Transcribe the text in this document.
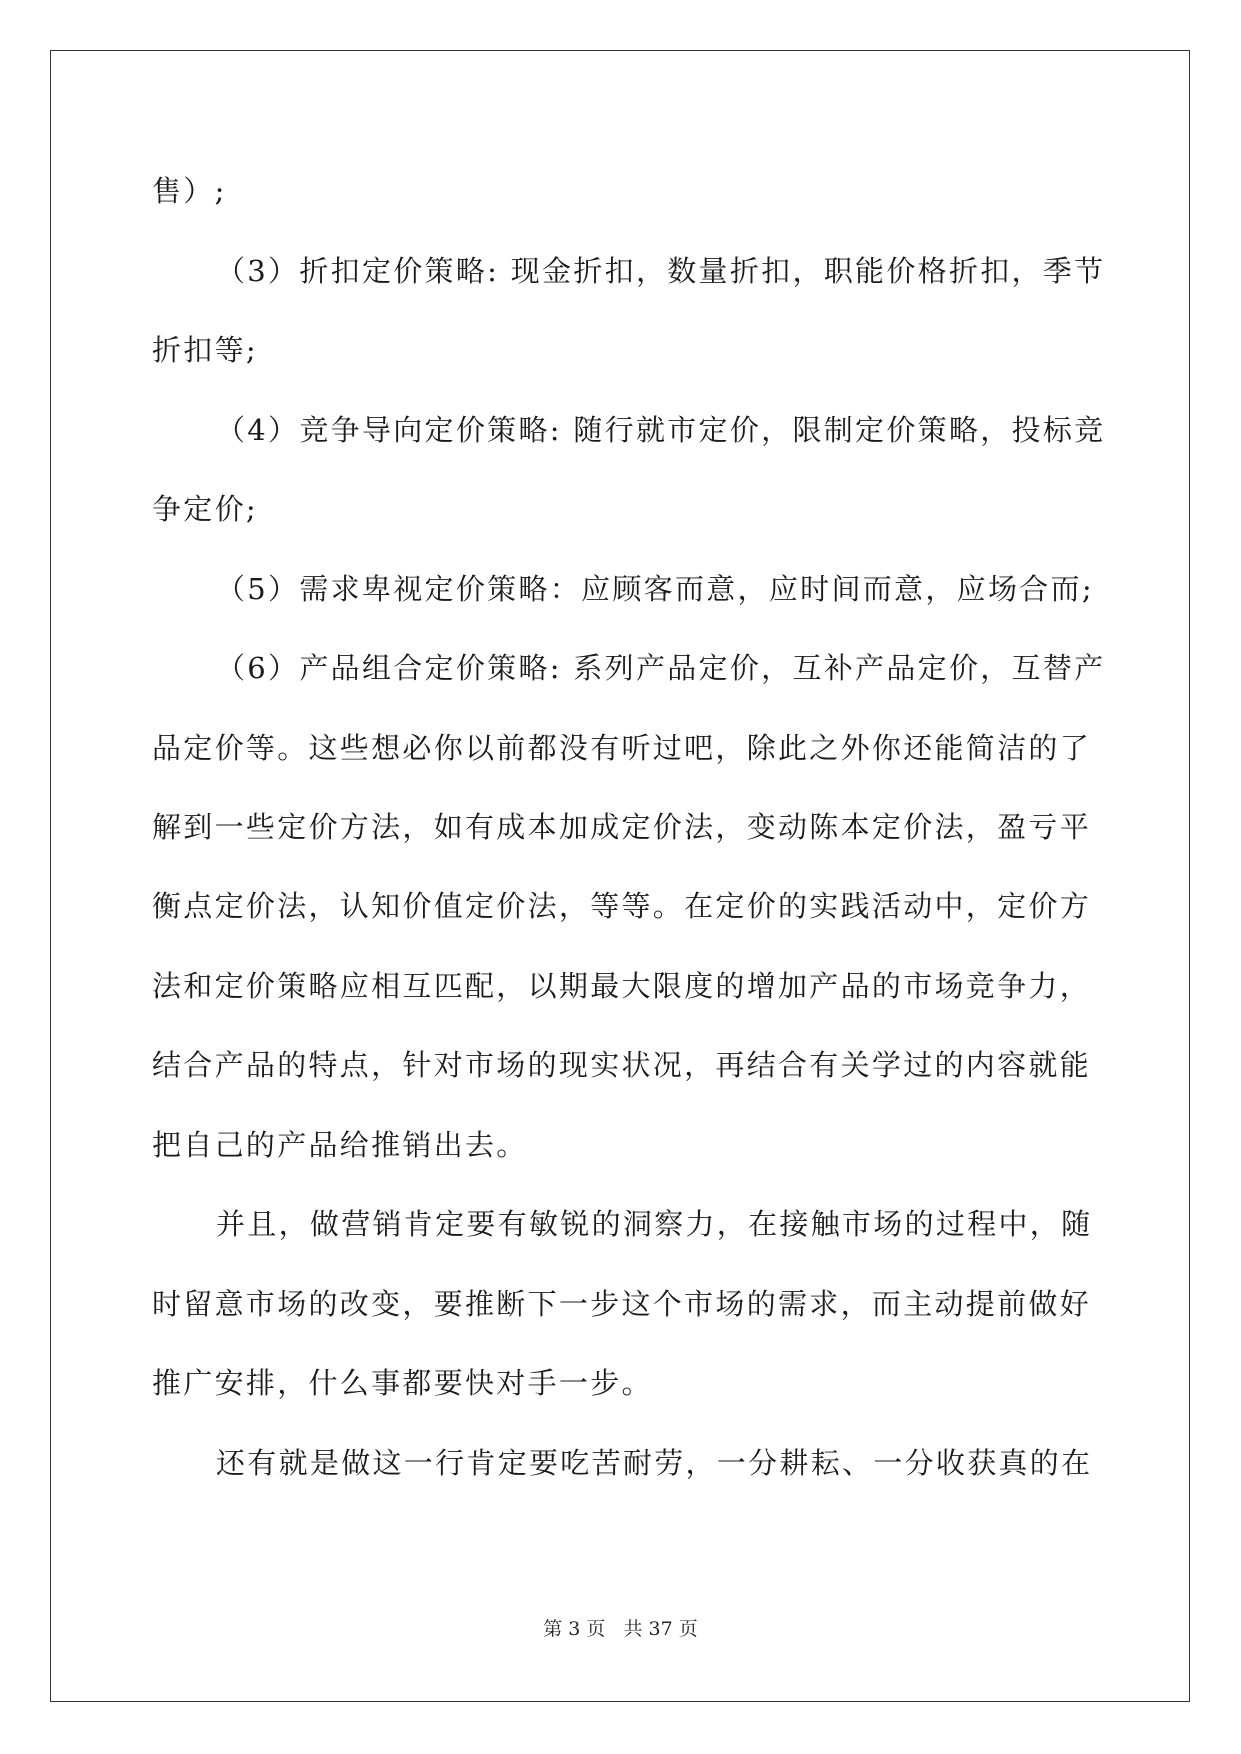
售）;
（3）折扣定价策略: 现金折扣，数量折扣，职能价格折扣，季节
折扣等;
（4）竞争导向定价策略: 随行就市定价，限制定价策略，投标竞
争定价;
（5）需求卑视定价策略：应顾客而意，应时间而意，应场合而;
（6）产品组合定价策略: 系列产品定价，互补产品定价，互替产
品定价等。这些想必你以前都没有听过吧，除此之外你还能简洁的了
解到一些定价方法，如有成本加成定价法，变动陈本定价法，盈亏平
衡点定价法，认知价值定价法，等等。在定价的实践活动中，定价方
法和定价策略应相互匹配，以期最大限度的增加产品的市场竞争力，
结合产品的特点，针对市场的现实状况，再结合有关学过的内容就能
把自己的产品给推销出去。
并且，做营销肯定要有敏锐的洞察力，在接触市场的过程中，随
时留意市场的改变，要推断下一步这个市场的需求，而主动提前做好
推广安排，什么事都要快对手一步。
还有就是做这一行肯定要吃苦耐劳，一分耕耘、一分收获真的在
第 3 页 共 37 页
